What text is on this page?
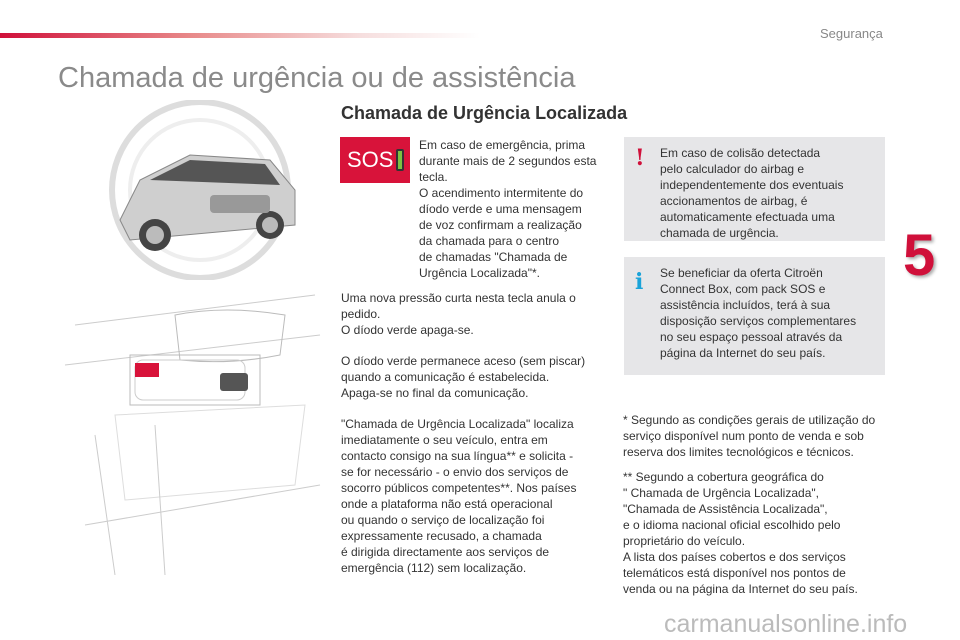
Segurança
Chamada de urgência ou de assistência
Chamada de Urgência Localizada
SOS
Em caso de emergência, prima
durante mais de 2 segundos esta
tecla.
O acendimento intermitente do
díodo verde e uma mensagem
de voz confirmam a realização
da chamada para o centro
de chamadas "Chamada de
Urgência Localizada"*.
Uma nova pressão curta nesta tecla anula o
pedido.
O díodo verde apaga-se.
O díodo verde permanece aceso (sem piscar)
quando a comunicação é estabelecida.
Apaga-se no final da comunicação.
"Chamada de Urgência Localizada" localiza
imediatamente o seu veículo, entra em
contacto consigo na sua língua** e solicita -
se for necessário - o envio dos serviços de
socorro públicos competentes**. Nos países
onde a plataforma não está operacional
ou quando o serviço de localização foi
expressamente recusado, a chamada
é dirigida directamente aos serviços de
emergência (112) sem localização.
! Em caso de colisão detectada
pelo calculador do airbag e
independentemente dos eventuais
accionamentos de airbag, é
automaticamente efectuada uma
chamada de urgência.
i Se beneficiar da oferta Citroën
Connect Box, com pack SOS e
assistência incluídos, terá à sua
disposição serviços complementares
no seu espaço pessoal através da
página da Internet do seu país.
5
* Segundo as condições gerais de utilização do
serviço disponível num ponto de venda e sob
reserva dos limites tecnológicos e técnicos.
** Segundo a cobertura geográfica do
" Chamada de Urgência Localizada",
"Chamada de Assistência Localizada",
e o idioma nacional oficial escolhido pelo
proprietário do veículo.
A lista dos países cobertos e dos serviços
telemáticos está disponível nos pontos de
venda ou na página da Internet do seu país.
carmanualsonline.info
